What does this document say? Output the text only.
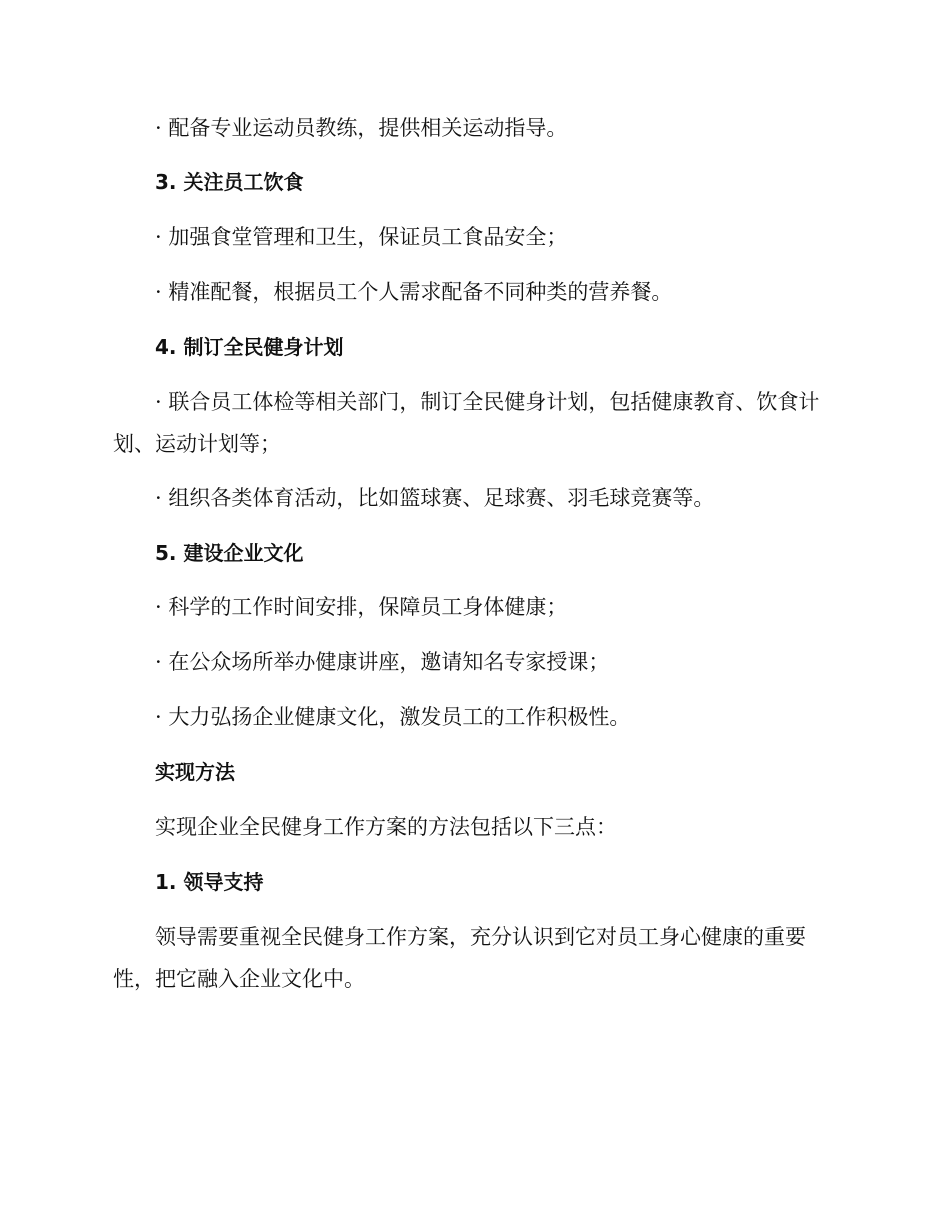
· 配备专业运动员教练，提供相关运动指导。
3. 关注员工饮食
· 加强食堂管理和卫生，保证员工食品安全；
· 精准配餐，根据员工个人需求配备不同种类的营养餐。
4. 制订全民健身计划
· 联合员工体检等相关部门，制订全民健身计划，包括健康教育、饮食计划、运动计划等；
· 组织各类体育活动，比如篮球赛、足球赛、羽毛球竞赛等。
5. 建设企业文化
· 科学的工作时间安排，保障员工身体健康；
· 在公众场所举办健康讲座，邀请知名专家授课；
· 大力弘扬企业健康文化，激发员工的工作积极性。
实现方法
实现企业全民健身工作方案的方法包括以下三点：
1. 领导支持
领导需要重视全民健身工作方案，充分认识到它对员工身心健康的重要性，把它融入企业文化中。
